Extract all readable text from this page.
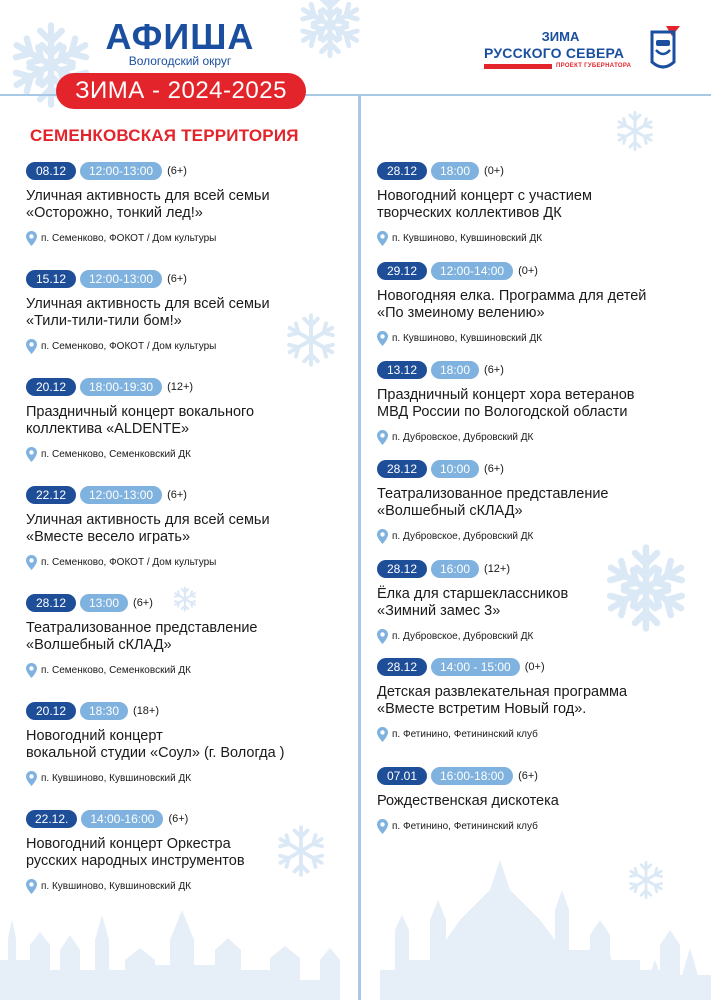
АФИША
Вологодский округ
ЗИМА - 2024-2025
ЗИМА
РУССКОГО СЕВЕРА
ПРОЕКТ ГУБЕРНАТОРА
СЕМЕНКОВСКАЯ ТЕРРИТОРИЯ
08.12 12:00-13:00 (6+)

Уличная активность для всей семьи
«Осторожно, тонкий лед!»

п. Семенково, ФОКОТ / Дом культуры
15.12 12:00-13:00 (6+)

Уличная активность для всей семьи
«Тили-тили-тили бом!»

п. Семенково, ФОКОТ / Дом культуры
20.12 18:00-19:30 (12+)

Праздничный концерт вокального
коллектива «ALDENTE»

п. Семенково, Семенковский ДК
22.12 12:00-13:00 (6+)

Уличная активность для всей семьи
«Вместе весело играть»

п. Семенково, ФОКОТ / Дом культуры
28.12 13:00 (6+)

Театрализованное представление
«Волшебный сКЛАД»

п. Семенково, Семенковский ДК
20.12 18:30 (18+)

Новогодний концерт
вокальной студии «Соул» (г. Вологда )

п. Кувшиново, Кувшиновский ДК
22.12. 14:00-16:00 (6+)

Новогодний концерт Оркестра
русских народных инструментов

п. Кувшиново, Кувшиновский ДК
28.12 18:00 (0+)

Новогодний концерт с участием
творческих коллективов ДК

п. Кувшиново, Кувшиновский ДК
29.12 12:00-14:00 (0+)

Новогодняя елка. Программа для детей
«По змеиному велению»

п. Кувшиново, Кувшиновский ДК
13.12 18:00 (6+)

Праздничный концерт хора ветеранов
МВД России по Вологодской области

п. Дубровское, Дубровский ДК
28.12 10:00 (6+)

Театрализованное представление
«Волшебный сКЛАД»

п. Дубровское, Дубровский ДК
28.12 16:00 (12+)

Ёлка для старшеклассников
«Зимний замес 3»

п. Дубровское, Дубровский ДК
28.12 14:00 - 15:00 (0+)

Детская развлекательная программа
«Вместе встретим Новый год».

п. Фетинино, Фетининский клуб
07.01 16:00-18:00 (6+)

Рождественская дискотека

п. Фетинино, Фетининский клуб
